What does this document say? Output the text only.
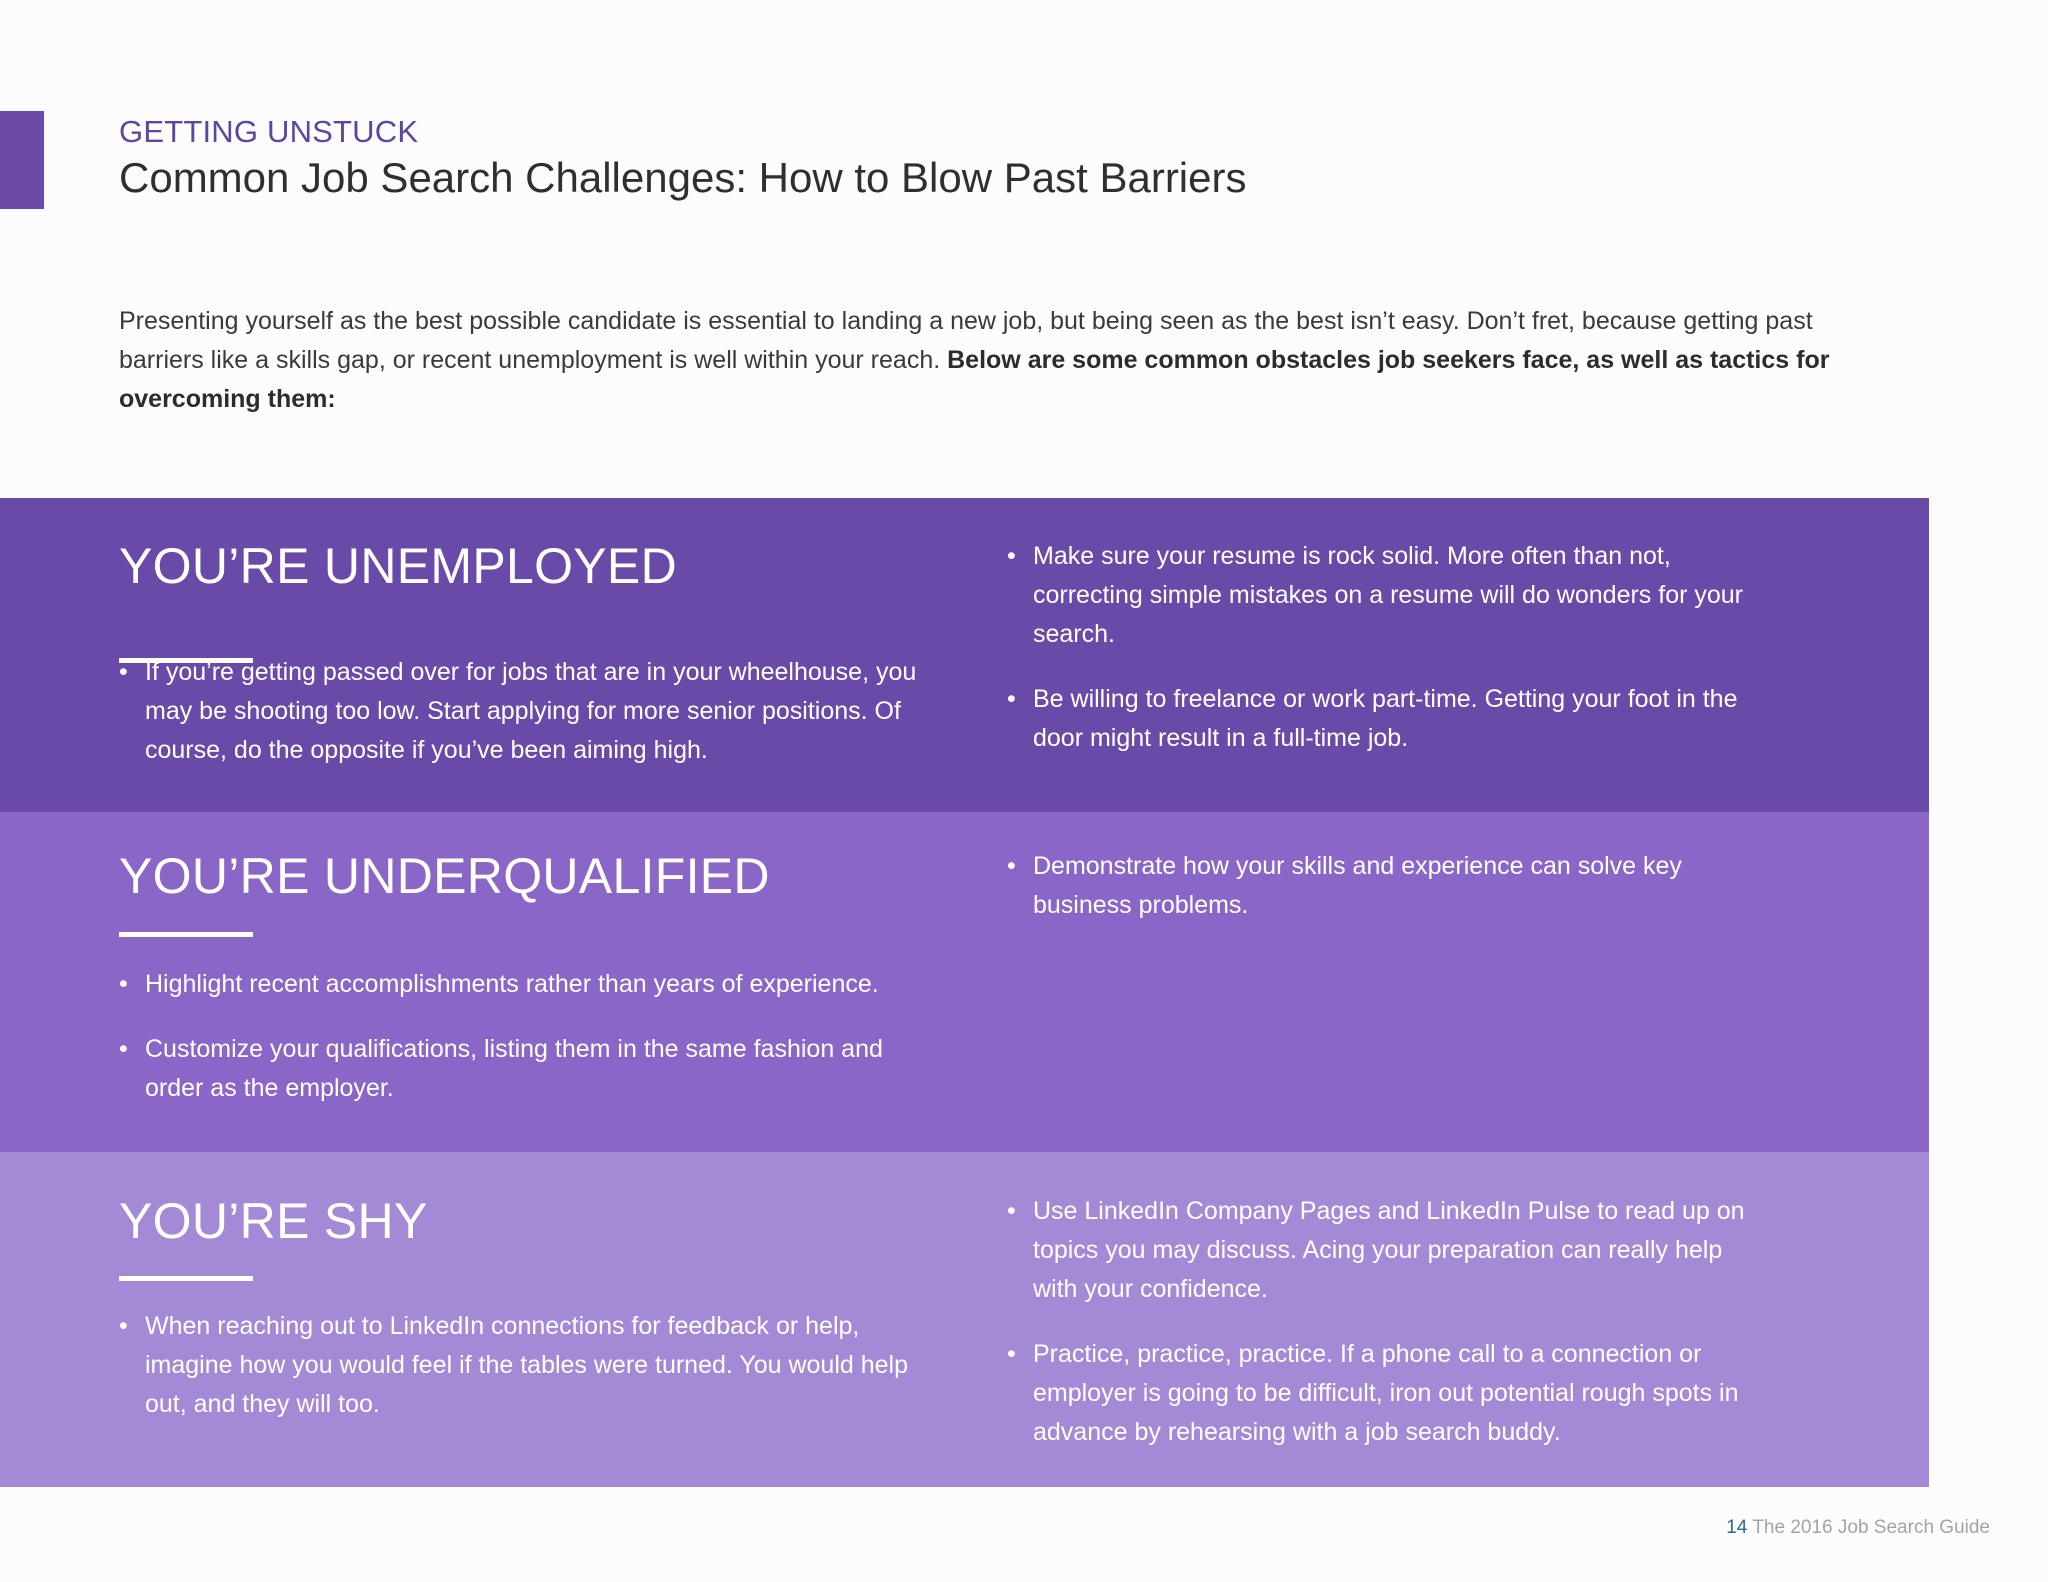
GETTING UNSTUCK
Common Job Search Challenges: How to Blow Past Barriers

Presenting yourself as the best possible candidate is essential to landing a new job, but being seen as the best isn’t easy. Don’t fret, because getting past barriers like a skills gap, or recent unemployment is well within your reach. Below are some common obstacles job seekers face, as well as tactics for overcoming them:

YOU’RE UNEMPLOYED
• If you’re getting passed over for jobs that are in your wheelhouse, you may be shooting too low. Start applying for more senior positions. Of course, do the opposite if you’ve been aiming high.
• Make sure your resume is rock solid. More often than not, correcting simple mistakes on a resume will do wonders for your search.
• Be willing to freelance or work part-time. Getting your foot in the door might result in a full-time job.
YOU’RE UNDERQUALIFIED
• Highlight recent accomplishments rather than years of experience.
• Customize your qualifications, listing them in the same fashion and order as the employer.
• Demonstrate how your skills and experience can solve key business problems.
YOU’RE SHY
• When reaching out to LinkedIn connections for feedback or help, imagine how you would feel if the tables were turned. You would help out, and they will too.
• Use LinkedIn Company Pages and LinkedIn Pulse to read up on topics you may discuss. Acing your preparation can really help with your confidence.
• Practice, practice, practice. If a phone call to a connection or employer is going to be difficult, iron out potential rough spots in advance by rehearsing with a job search buddy.
14 The 2016 Job Search Guide
